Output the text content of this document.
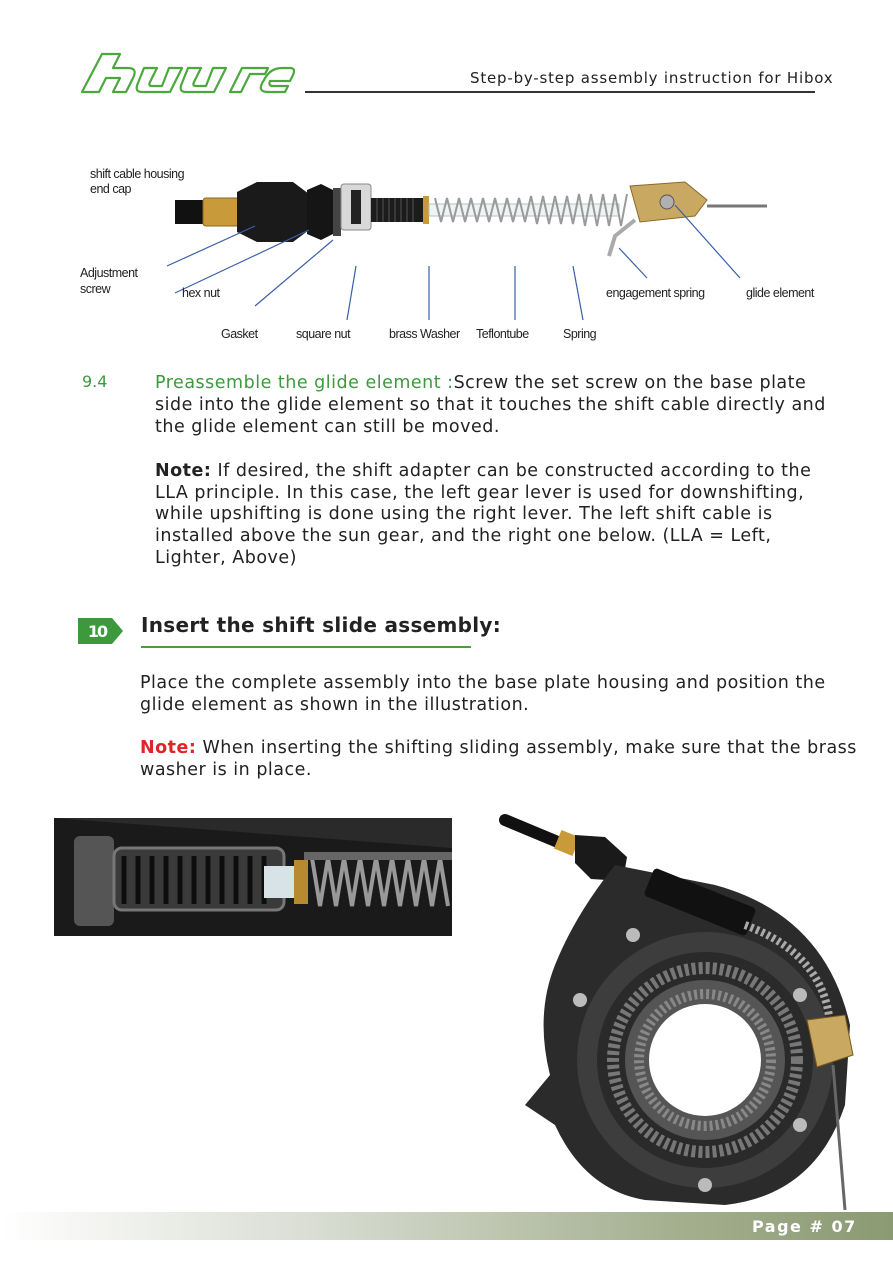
Step-by-step assembly instruction for Hibox
shift cable housing
end cap
Adjustment
screw	hex nut
Gasket	square nut	brass Washer Teflontube	Spring
engagement spring	glide element
9.4	Preassemble the glide element :Screw the set screw on the base plate
side into the glide element so that it touches the shift cable directly and
the glide element can still be moved.
Note: If desired, the shift adapter can be constructed according to the
LLA principle. In this case, the left gear lever is used for downshifting,
while upshifting is done using the right lever. The left shift cable is
installed above the sun gear, and the right one below. (LLA = Left,
Lighter, Above)
10 Insert the shift slide assembly:
Place the complete assembly into the base plate housing and position the
glide element as shown in the illustration.
Note: When inserting the shifting sliding assembly, make sure that the brass
washer is in place.
Page # 07
